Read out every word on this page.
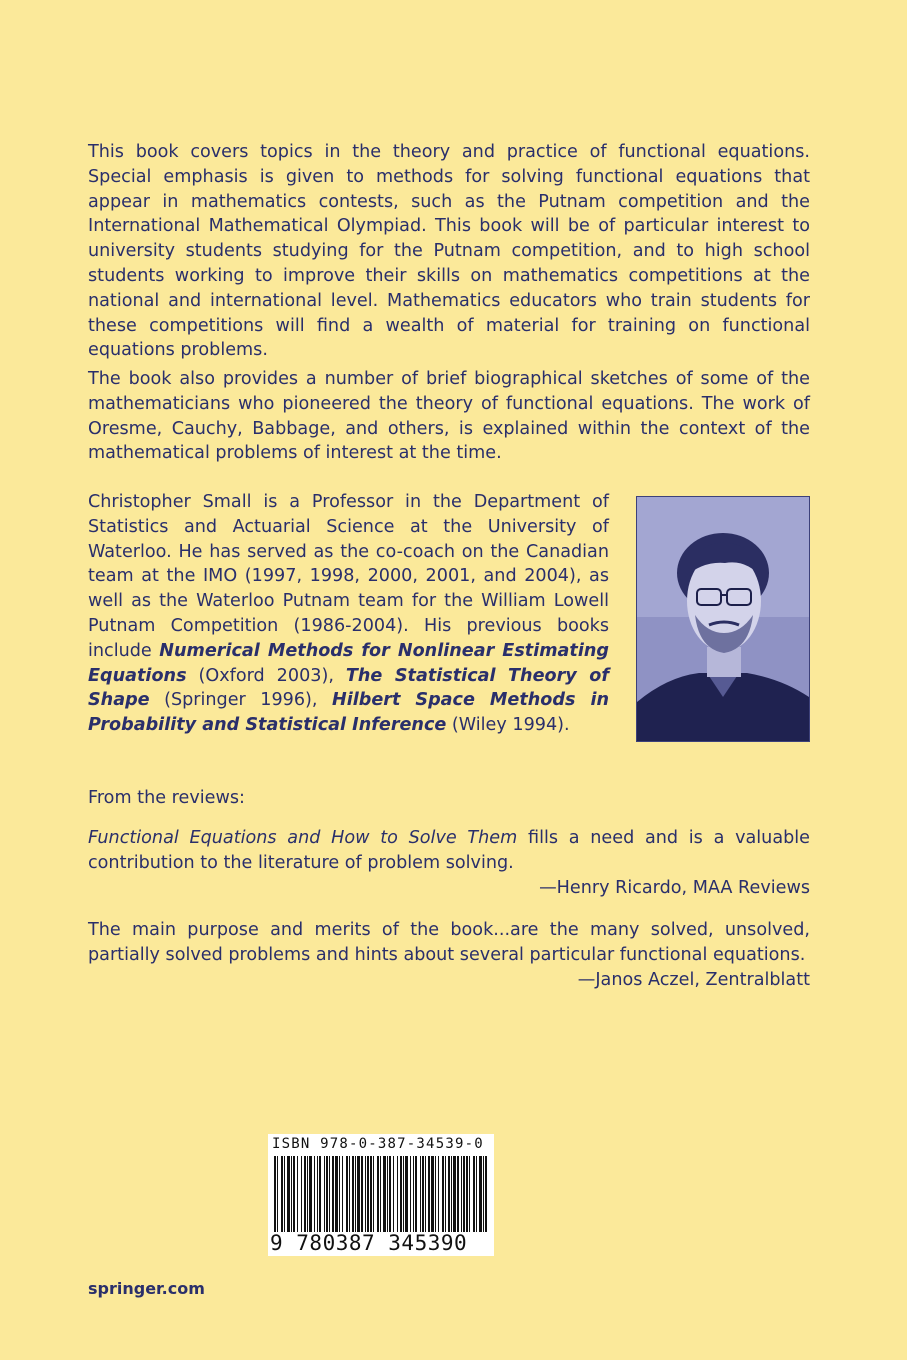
This book covers topics in the theory and practice of functional equations. Special emphasis is given to methods for solving functional equations that appear in mathematics contests, such as the Putnam competition and the International Mathematical Olympiad. This book will be of particular interest to university students studying for the Putnam competition, and to high school students working to improve their skills on mathematics competitions at the national and international level. Mathematics educators who train students for these competitions will find a wealth of material for training on functional equations problems.

The book also provides a number of brief biographical sketches of some of the mathematicians who pioneered the theory of functional equations. The work of Oresme, Cauchy, Babbage, and others, is explained within the context of the mathematical problems of interest at the time.

Christopher Small is a Professor in the Department of Statistics and Actuarial Science at the University of Waterloo. He has served as the co-coach on the Canadian team at the IMO (1997, 1998, 2000, 2001, and 2004), as well as the Waterloo Putnam team for the William Lowell Putnam Competition (1986-2004). His previous books include Numerical Methods for Nonlinear Estimating Equations (Oxford 2003), The Statistical Theory of Shape (Springer 1996), Hilbert Space Methods in Probability and Statistical Inference (Wiley 1994).

From the reviews:

Functional Equations and How to Solve Them fills a need and is a valuable contribution to the literature of problem solving.

—Henry Ricardo, MAA Reviews

The main purpose and merits of the book...are the many solved, unsolved, partially solved problems and hints about several particular functional equations.

—Janos Aczel, Zentralblatt
ISBN 978-0-387-34539-0
9 780387 345390
springer.com
